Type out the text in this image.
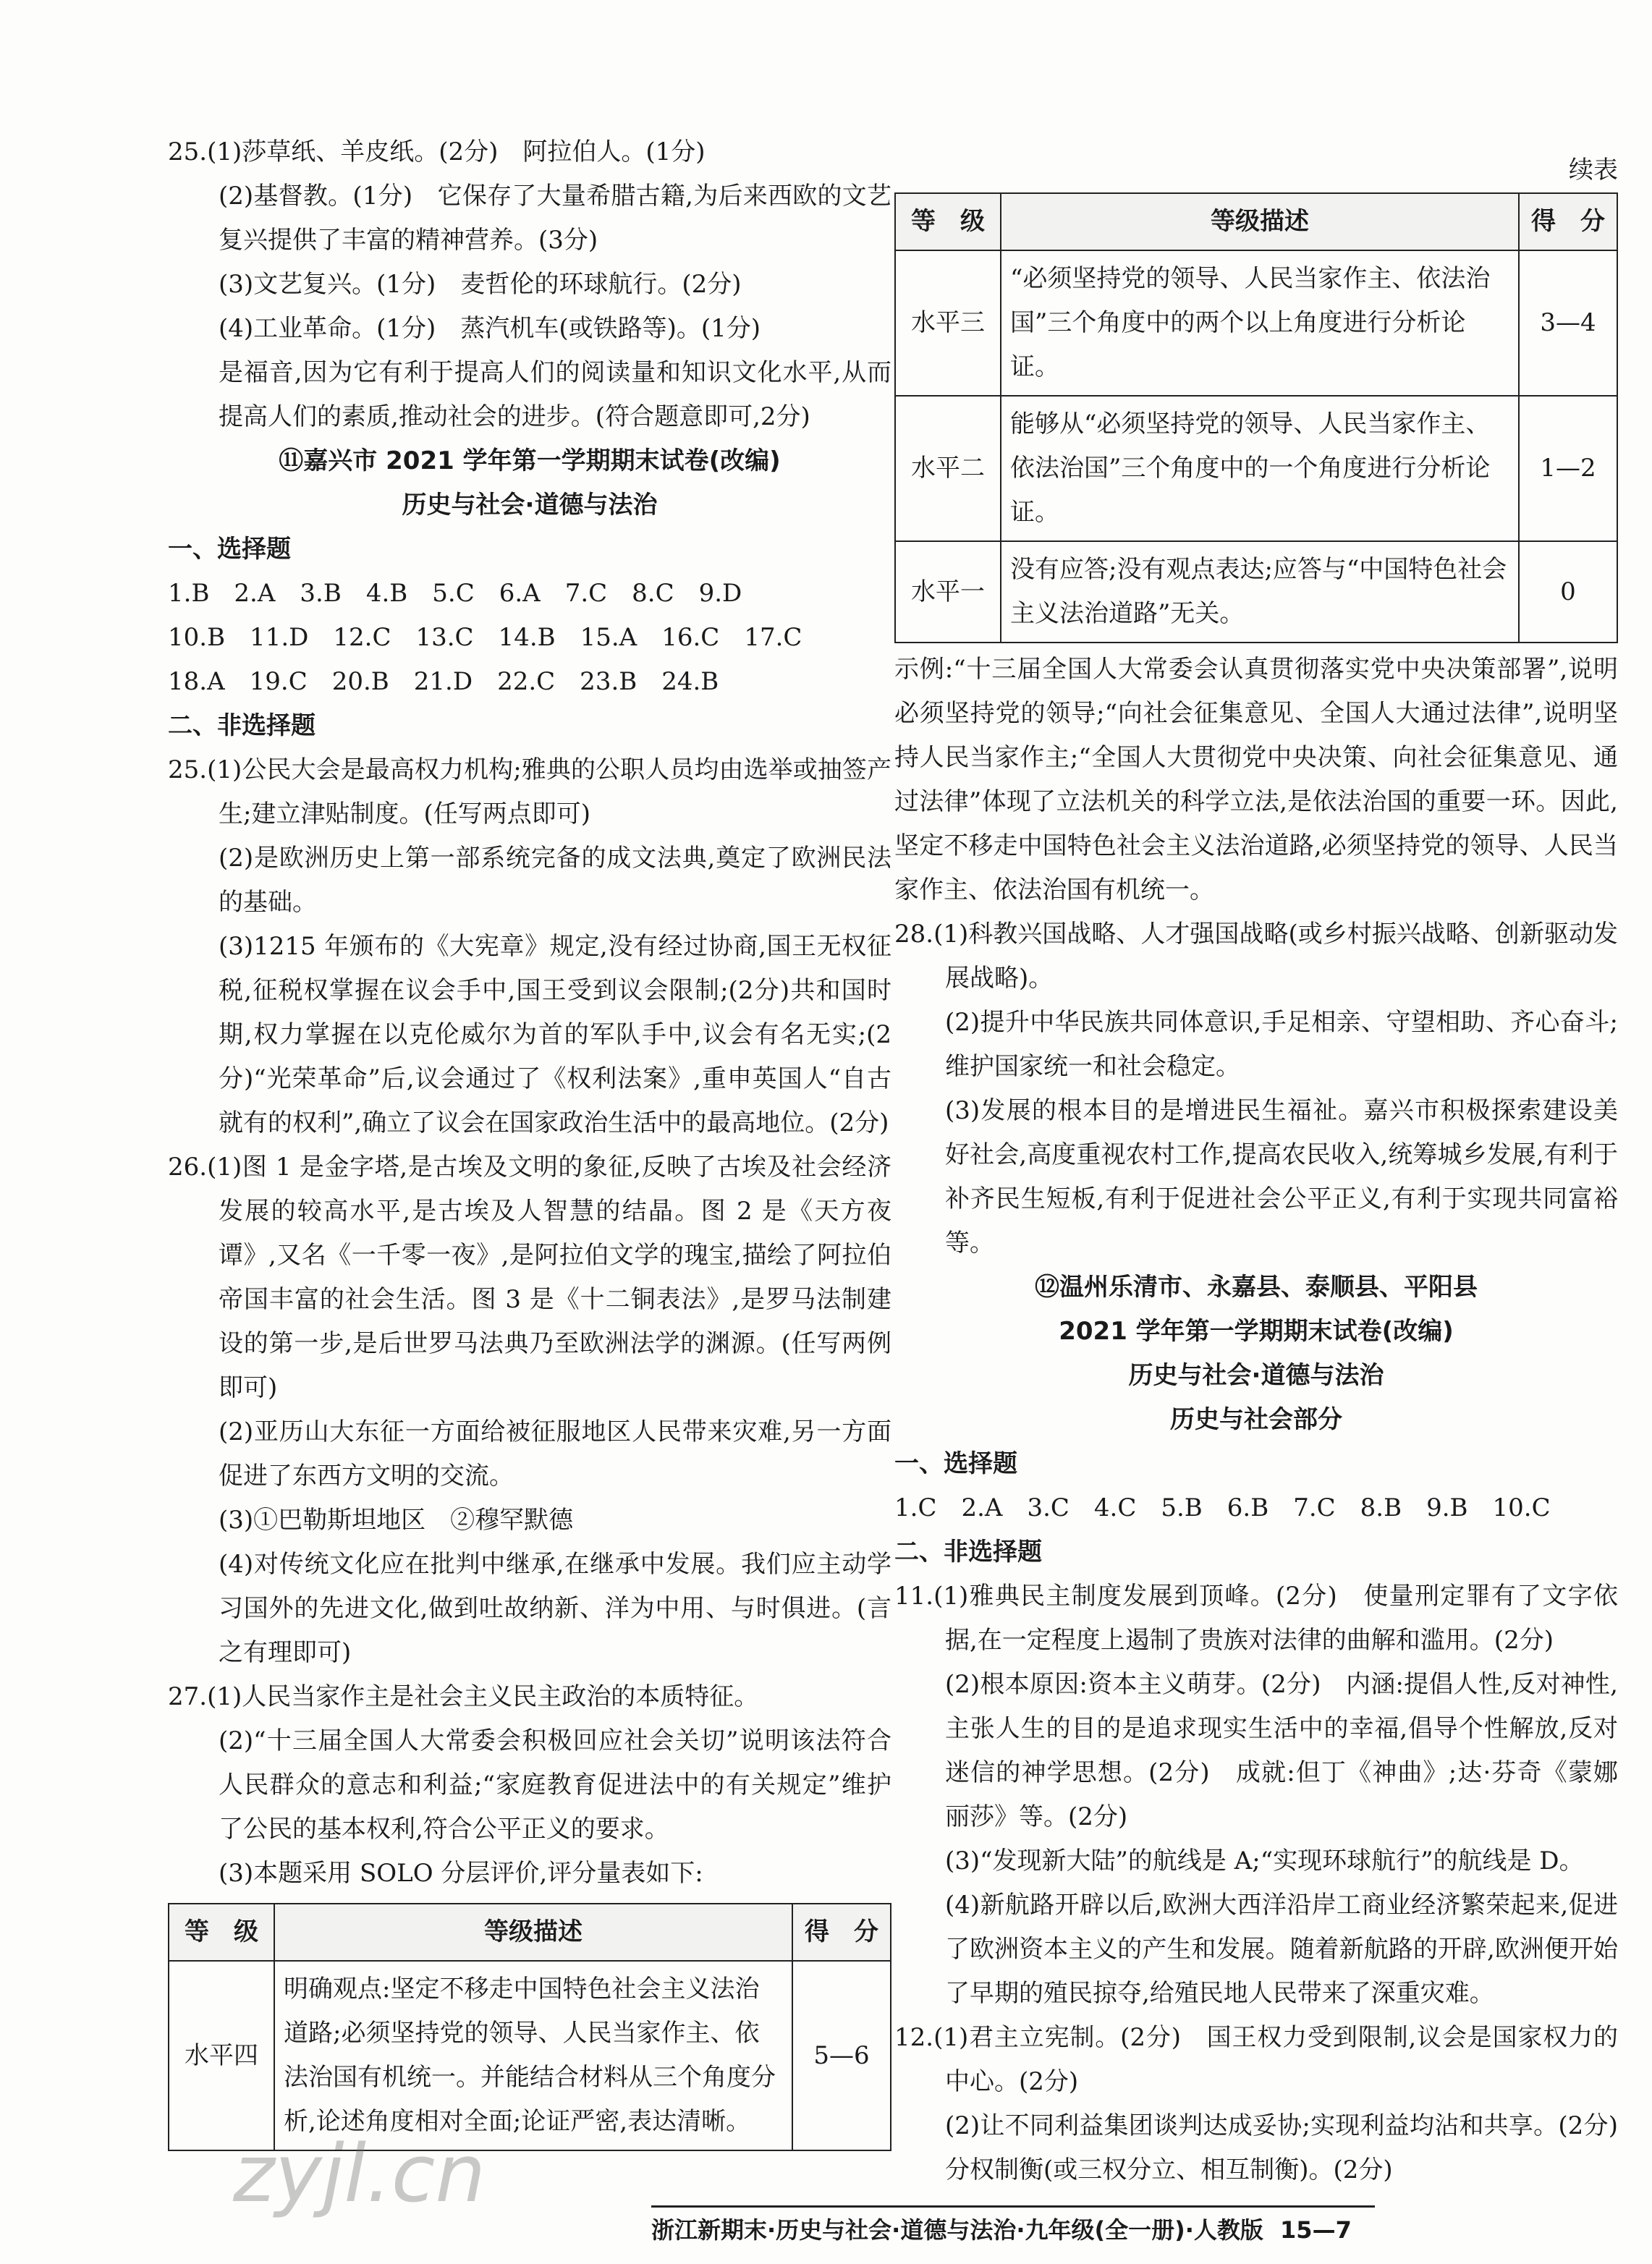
25.(1)莎草纸、羊皮纸。(2分)　阿拉伯人。(1分)

(2)基督教。(1分)　它保存了大量希腊古籍,为后来西欧的文艺复兴提供了丰富的精神营养。(3分)

(3)文艺复兴。(1分)　麦哲伦的环球航行。(2分)

(4)工业革命。(1分)　蒸汽机车(或铁路等)。(1分)

是福音,因为它有利于提高人们的阅读量和知识文化水平,从而提高人们的素质,推动社会的进步。(符合题意即可,2分)

⑪嘉兴市 2021 学年第一学期期末试卷(改编)

历史与社会·道德与法治

一、选择题

1.B　2.A　3.B　4.B　5.C　6.A　7.C　8.C　9.D

10.B　11.D　12.C　13.C　14.B　15.A　16.C　17.C

18.A　19.C　20.B　21.D　22.C　23.B　24.B

二、非选择题

25.(1)公民大会是最高权力机构;雅典的公职人员均由选举或抽签产生;建立津贴制度。(任写两点即可)

(2)是欧洲历史上第一部系统完备的成文法典,奠定了欧洲民法的基础。

(3)1215 年颁布的《大宪章》规定,没有经过协商,国王无权征税,征税权掌握在议会手中,国王受到议会限制;(2分)共和国时期,权力掌握在以克伦威尔为首的军队手中,议会有名无实;(2分)“光荣革命”后,议会通过了《权利法案》,重申英国人“自古就有的权利”,确立了议会在国家政治生活中的最高地位。(2分)

26.(1)图 1 是金字塔,是古埃及文明的象征,反映了古埃及社会经济发展的较高水平,是古埃及人智慧的结晶。图 2 是《天方夜谭》,又名《一千零一夜》,是阿拉伯文学的瑰宝,描绘了阿拉伯帝国丰富的社会生活。图 3 是《十二铜表法》,是罗马法制建设的第一步,是后世罗马法典乃至欧洲法学的渊源。(任写两例即可)

(2)亚历山大东征一方面给被征服地区人民带来灾难,另一方面促进了东西方文明的交流。

(3)①巴勒斯坦地区　②穆罕默德

(4)对传统文化应在批判中继承,在继承中发展。我们应主动学习国外的先进文化,做到吐故纳新、洋为中用、与时俱进。(言之有理即可)

27.(1)人民当家作主是社会主义民主政治的本质特征。

(2)“十三届全国人大常委会积极回应社会关切”说明该法符合人民群众的意志和利益;“家庭教育促进法中的有关规定”维护了公民的基本权利,符合公平正义的要求。

(3)本题采用 SOLO 分层评价,评分量表如下:

等　级	等级描述	得　分
水平四	明确观点:坚定不移走中国特色社会主义法治道路;必须坚持党的领导、人民当家作主、依法治国有机统一。并能结合材料从三个角度分析,论述角度相对全面;论证严密,表达清晰。	5—6

续表

等　级	等级描述	得　分
水平三	“必须坚持党的领导、人民当家作主、依法治国”三个角度中的两个以上角度进行分析论证。	3—4
水平二	能够从“必须坚持党的领导、人民当家作主、依法治国”三个角度中的一个角度进行分析论证。	1—2
水平一	没有应答;没有观点表达;应答与“中国特色社会主义法治道路”无关。	0

示例:“十三届全国人大常委会认真贯彻落实党中央决策部署”,说明必须坚持党的领导;“向社会征集意见、全国人大通过法律”,说明坚持人民当家作主;“全国人大贯彻党中央决策、向社会征集意见、通过法律”体现了立法机关的科学立法,是依法治国的重要一环。因此,坚定不移走中国特色社会主义法治道路,必须坚持党的领导、人民当家作主、依法治国有机统一。

28.(1)科教兴国战略、人才强国战略(或乡村振兴战略、创新驱动发展战略)。

(2)提升中华民族共同体意识,手足相亲、守望相助、齐心奋斗;维护国家统一和社会稳定。

(3)发展的根本目的是增进民生福祉。嘉兴市积极探索建设美好社会,高度重视农村工作,提高农民收入,统筹城乡发展,有利于补齐民生短板,有利于促进社会公平正义,有利于实现共同富裕等。

⑫温州乐清市、永嘉县、泰顺县、平阳县

2021 学年第一学期期末试卷(改编)

历史与社会·道德与法治

历史与社会部分

一、选择题

1.C　2.A　3.C　4.C　5.B　6.B　7.C　8.B　9.B　10.C

二、非选择题

11.(1)雅典民主制度发展到顶峰。(2分)　使量刑定罪有了文字依据,在一定程度上遏制了贵族对法律的曲解和滥用。(2分)

(2)根本原因:资本主义萌芽。(2分)　内涵:提倡人性,反对神性,主张人生的目的是追求现实生活中的幸福,倡导个性解放,反对迷信的神学思想。(2分)　成就:但丁《神曲》;达·芬奇《蒙娜丽莎》等。(2分)

(3)“发现新大陆”的航线是 A;“实现环球航行”的航线是 D。

(4)新航路开辟以后,欧洲大西洋沿岸工商业经济繁荣起来,促进了欧洲资本主义的产生和发展。随着新航路的开辟,欧洲便开始了早期的殖民掠夺,给殖民地人民带来了深重灾难。

12.(1)君主立宪制。(2分)　国王权力受到限制,议会是国家权力的中心。(2分)

(2)让不同利益集团谈判达成妥协;实现利益均沾和共享。(2分)　分权制衡(或三权分立、相互制衡)。(2分)

zyjl.cn
浙江新期末·历史与社会·道德与法治·九年级(全一册)·人教版 15—7
